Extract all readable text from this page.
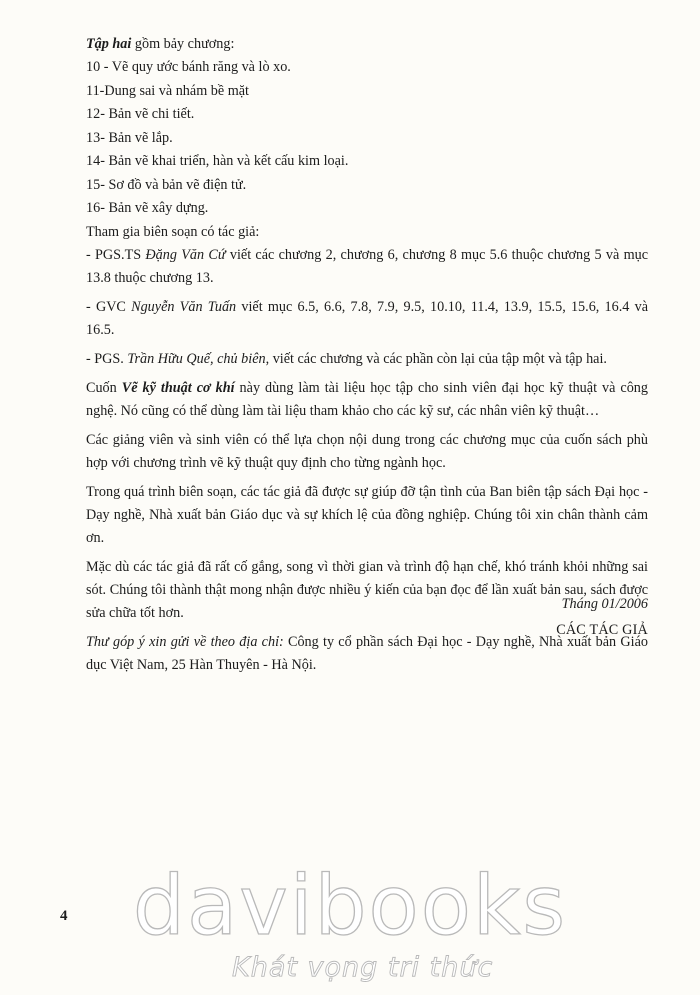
Tập hai gồm bảy chương:

10 - Vẽ quy ước bánh răng và lò xo.

11-Dung sai và nhám bề mặt

12- Bản vẽ chi tiết.

13- Bản vẽ lắp.

14- Bản vẽ khai triển, hàn và kết cấu kim loại.

15- Sơ đồ và bản vẽ điện tử.

16- Bản vẽ xây dựng.

Tham gia biên soạn có tác giả:

- PGS.TS Đặng Văn Cứ viết các chương 2, chương 6, chương 8 mục 5.6 thuộc chương 5 và mục 13.8 thuộc chương 13.

- GVC Nguyễn Văn Tuấn viết mục 6.5, 6.6, 7.8, 7.9, 9.5, 10.10, 11.4, 13.9, 15.5, 15.6, 16.4 và 16.5.

- PGS. Trần Hữu Quế, chủ biên, viết các chương và các phần còn lại của tập một và tập hai.

Cuốn Vẽ kỹ thuật cơ khí này dùng làm tài liệu học tập cho sinh viên đại học kỹ thuật và công nghệ. Nó cũng có thể dùng làm tài liệu tham khảo cho các kỹ sư, các nhân viên kỹ thuật…

Các giảng viên và sinh viên có thể lựa chọn nội dung trong các chương mục của cuốn sách phù hợp với chương trình vẽ kỹ thuật quy định cho từng ngành học.

Trong quá trình biên soạn, các tác giả đã được sự giúp đỡ tận tình của Ban biên tập sách Đại học - Dạy nghề, Nhà xuất bản Giáo dục và sự khích lệ của đồng nghiệp. Chúng tôi xin chân thành cảm ơn.

Mặc dù các tác giả đã rất cố gắng, song vì thời gian và trình độ hạn chế, khó tránh khỏi những sai sót. Chúng tôi thành thật mong nhận được nhiều ý kiến của bạn đọc để lần xuất bản sau, sách được sửa chữa tốt hơn.

Thư góp ý xin gửi về theo địa chỉ: Công ty cổ phần sách Đại học - Dạy nghề, Nhà xuất bản Giáo dục Việt Nam, 25 Hàn Thuyên - Hà Nội.

Tháng 01/2006
CÁC TÁC GIẢ
4 davibooks
Khát vọng tri thức
